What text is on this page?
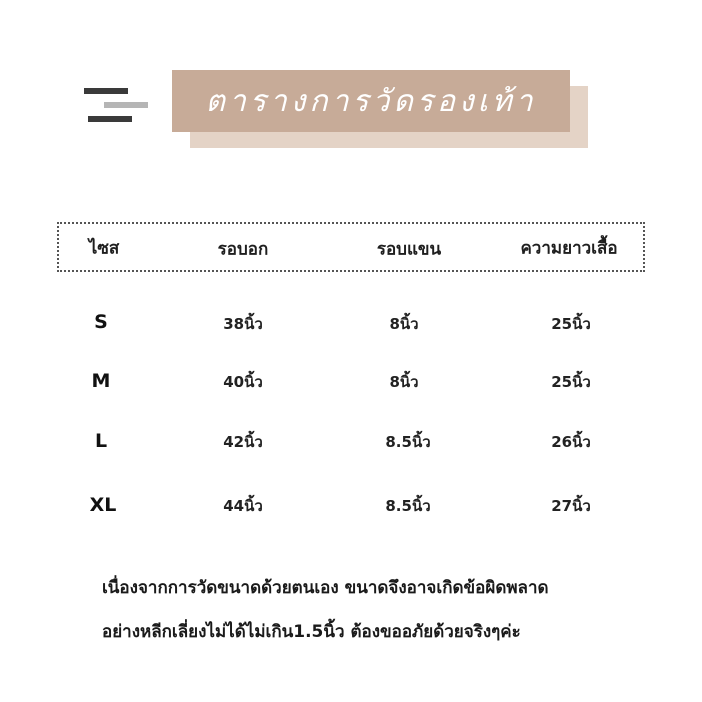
ตารางการวัดรองเท้า
ไซส	รอบอก	รอบแขน	ความยาวเสื้อ
S	38นิ้ว	8นิ้ว	25นิ้ว
M	40นิ้ว	8นิ้ว	25นิ้ว
L	42นิ้ว	8.5นิ้ว	26นิ้ว
XL	44นิ้ว	8.5นิ้ว	27นิ้ว
เนื่องจากการวัดขนาดด้วยตนเอง ขนาดจึงอาจเกิดข้อผิดพลาด
อย่างหลีกเลี่ยงไม่ได้ไม่เกิน1.5นิ้ว ต้องขออภัยด้วยจริงๆค่ะ
